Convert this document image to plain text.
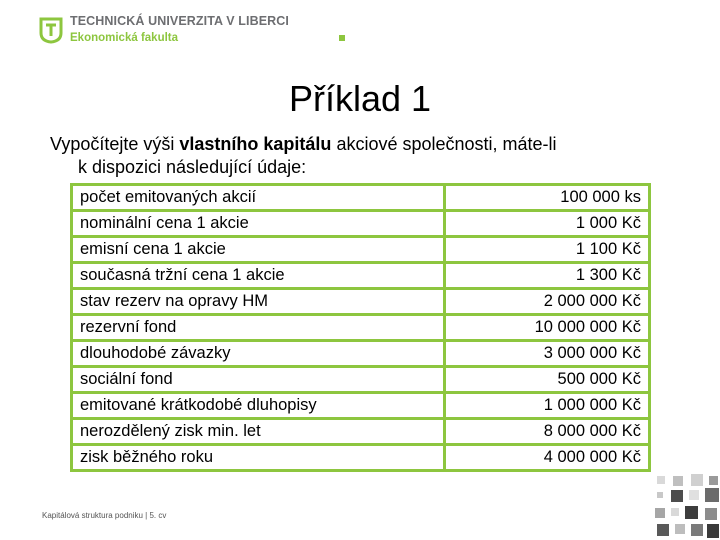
TECHNICKÁ UNIVERZITA V LIBERCI
Ekonomická fakulta
Příklad 1
Vypočítejte výši vlastního kapitálu akciové společnosti, máte-li
k dispozici následující údaje:
počet emitovaných akcií	100 000 ks
nominální cena 1 akcie	1 000 Kč
emisní cena 1 akcie	1 100 Kč
současná tržní cena 1 akcie	1 300 Kč
stav rezerv na opravy HM	2 000 000 Kč
rezervní fond	10 000 000 Kč
dlouhodobé závazky	3 000 000 Kč
sociální fond	500 000 Kč
emitované krátkodobé dluhopisy	1 000 000 Kč
nerozdělený zisk min. let	8 000 000 Kč
zisk běžného roku	4 000 000 Kč
Kapitálová struktura podniku | 5. cv
